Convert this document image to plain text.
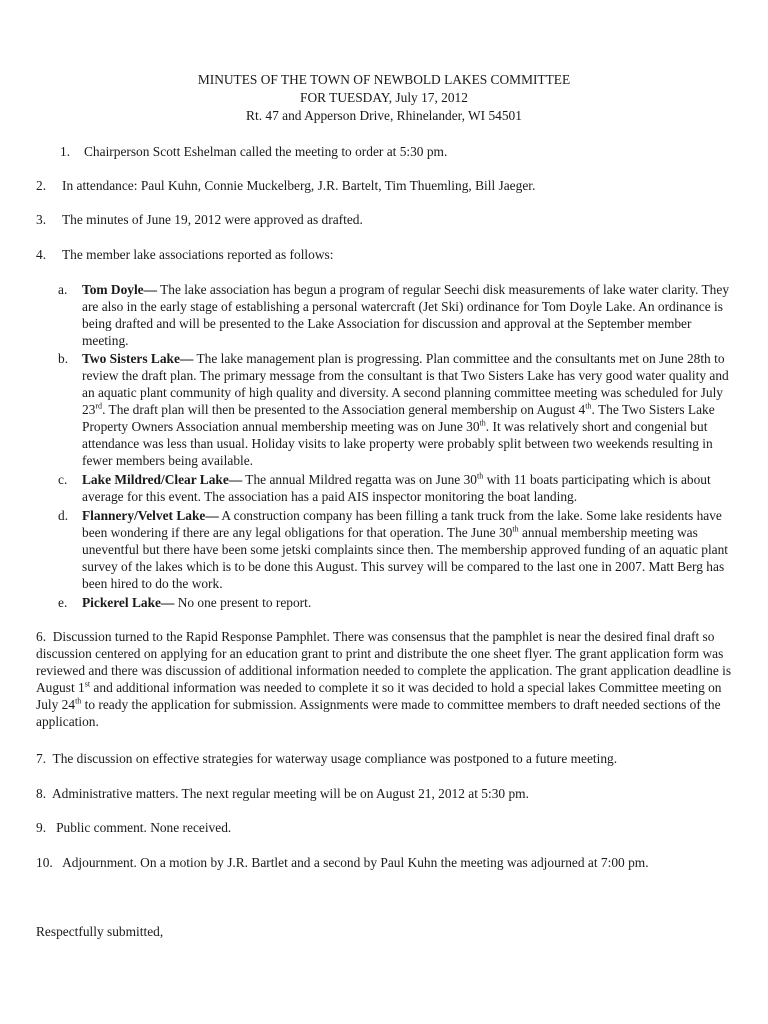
MINUTES OF THE TOWN OF NEWBOLD LAKES COMMITTEE
FOR TUESDAY, July 17, 2012
Rt. 47 and Apperson Drive, Rhinelander, WI 54501
1. Chairperson Scott Eshelman called the meeting to order at 5:30 pm.
2. In attendance: Paul Kuhn, Connie Muckelberg, J.R. Bartelt, Tim Thuemling, Bill Jaeger.
3. The minutes of June 19, 2012 were approved as drafted.
4. The member lake associations reported as follows:
a.	Tom Doyle— The lake association has begun a program of regular Seechi disk measurements of lake water clarity. They are also in the early stage of establishing a personal watercraft (Jet Ski) ordinance for Tom Doyle Lake. An ordinance is being drafted and will be presented to the Lake Association for discussion and approval at the September member meeting.
b.	Two Sisters Lake— The lake management plan is progressing. Plan committee and the consultants met on June 28th to review the draft plan. The primary message from the consultant is that Two Sisters Lake has very good water quality and an aquatic plant community of high quality and diversity. A second planning committee meeting was scheduled for July 23rd. The draft plan will then be presented to the Association general membership on August 4th. The Two Sisters Lake Property Owners Association annual membership meeting was on June 30th. It was relatively short and congenial but attendance was less than usual. Holiday visits to lake property were probably split between two weekends resulting in fewer members being available.
c.	Lake Mildred/Clear Lake— The annual Mildred regatta was on June 30th with 11 boats participating which is about average for this event. The association has a paid AIS inspector monitoring the boat landing.
d.	Flannery/Velvet Lake— A construction company has been filling a tank truck from the lake. Some lake residents have been wondering if there are any legal obligations for that operation. The June 30th annual membership meeting was uneventful but there have been some jetski complaints since then. The membership approved funding of an aquatic plant survey of the lakes which is to be done this August. This survey will be compared to the last one in 2007. Matt Berg has been hired to do the work.
e.	Pickerel Lake— No one present to report.
6. Discussion turned to the Rapid Response Pamphlet. There was consensus that the pamphlet is near the desired final draft so discussion centered on applying for an education grant to print and distribute the one sheet flyer. The grant application form was reviewed and there was discussion of additional information needed to complete the application. The grant application deadline is August 1st and additional information was needed to complete it so it was decided to hold a special lakes Committee meeting on July 24th to ready the application for submission. Assignments were made to committee members to draft needed sections of the application.
7. The discussion on effective strategies for waterway usage compliance was postponed to a future meeting.
8. Administrative matters. The next regular meeting will be on August 21, 2012 at 5:30 pm.
9. Public comment. None received.
10. Adjournment. On a motion by J.R. Bartlet and a second by Paul Kuhn the meeting was adjourned at 7:00 pm.
Respectfully submitted,
